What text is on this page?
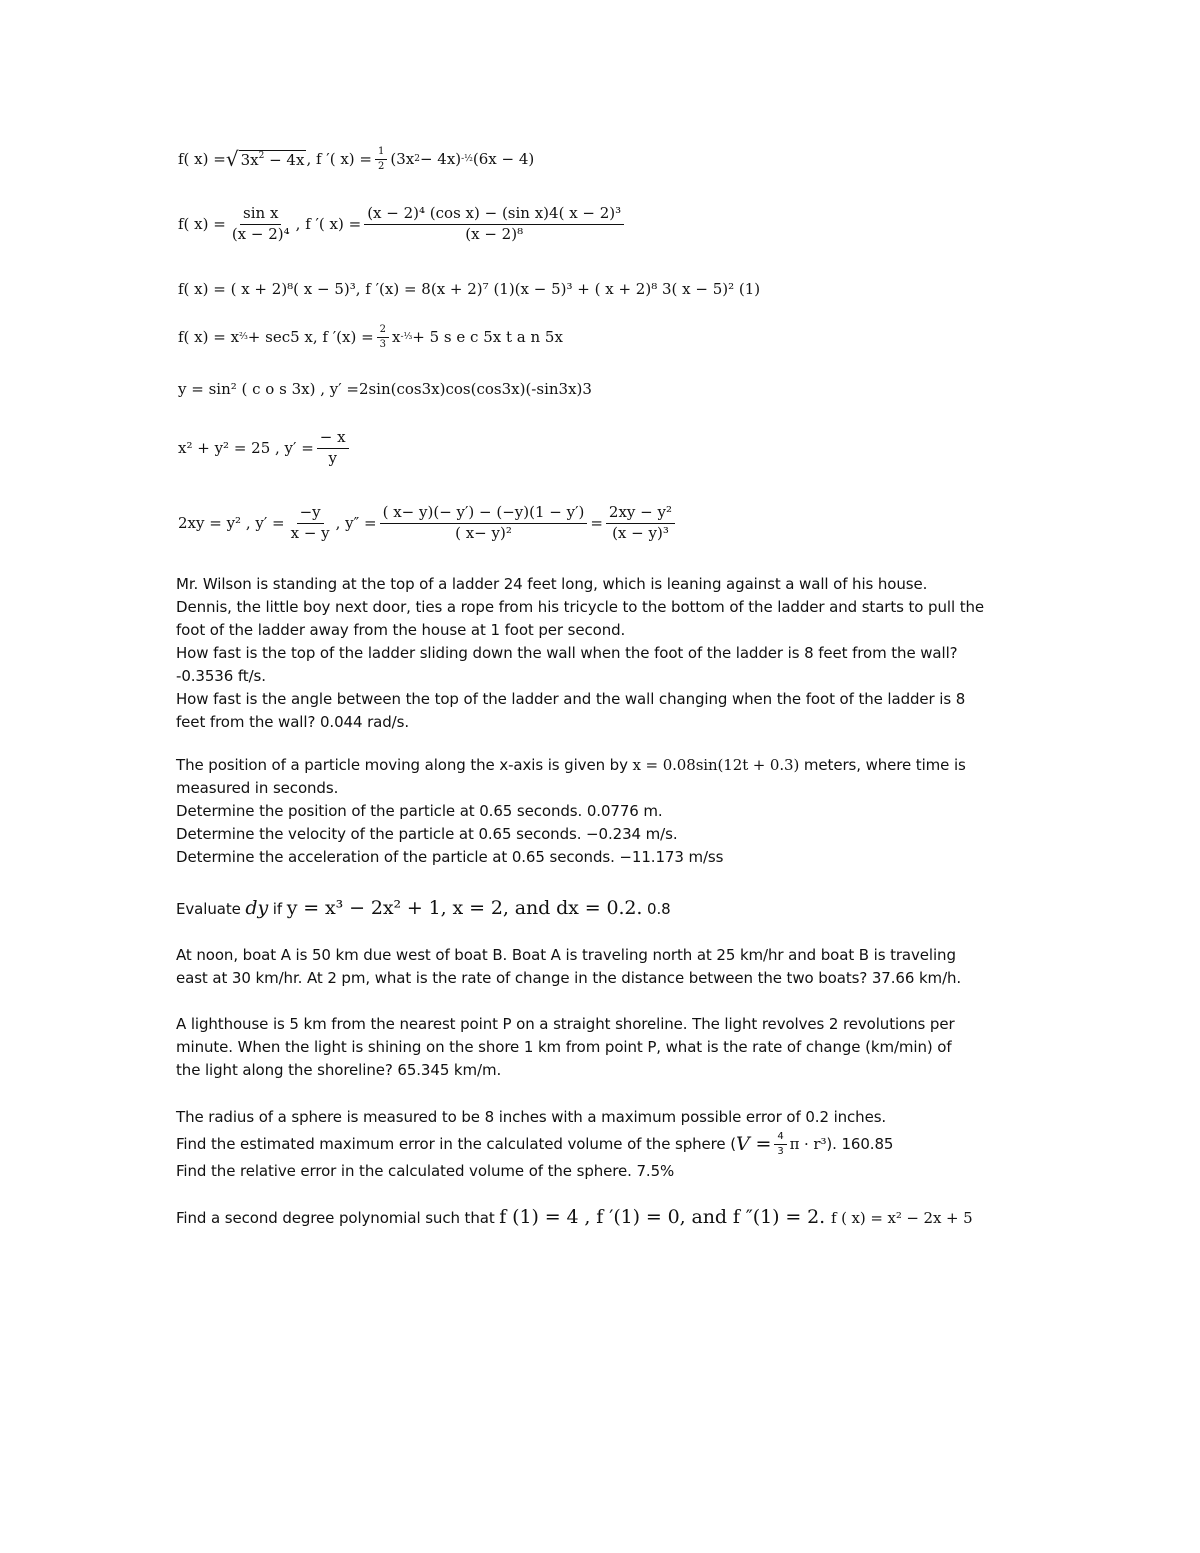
f( x) = √ $3x^2 - 4x$ , f ′( $x) = \frac{1}{2} (3x$ 2 − 4x) -½ (6x − 4)
f( $x) = \frac{\text{sin x}}{\text{(x − 2)⁴}}$ , f ′( $x) = \frac{\text{(x − 2)⁴ (cos x) − (sin x)4( x − 2)³}}{\text{(x − 2)⁸}}$
f( x) = ( x + 2)⁸( x − 5)³, f ′(x) = 8(x + 2)⁷ (1)(x − 5)³ + ( x + 2)⁸ 3( x − 5)² (1)
f( x) = x ⅔ + sec5 x, f $'(x) = \frac{2}{3}$ x -⅓ + 5 s e c 5x t a n 5x
y = sin² ( c o s 3x) , y′ =2sin(cos3x)cos(cos3x)(-sin3x)3
x² + y² = 25 , $y' = \frac{- x}{y}$
2xy = y² , $y' = \frac{-y}{x - y}$ , $y'' = \frac{( x- y)(- y') - (-y)(1 - y')}{\text{( x− y)²}} = \frac{\text{2xy − y²}}{\text{(x − y)³}}$
Mr. Wilson is standing at the top of a ladder 24 feet long, which is leaning against a wall of his house.
Dennis, the little boy next door, ties a rope from his tricycle to the bottom of the ladder and starts to pull the
foot of the ladder away from the house at 1 foot per second.
How fast is the top of the ladder sliding down the wall when the foot of the ladder is 8 feet from the wall?
-0.3536 ft/s.
How fast is the angle between the top of the ladder and the wall changing when the foot of the ladder is 8
feet from the wall? 0.044 rad/s.
The position of a particle moving along the x-axis is given by x = 0.08sin(12t + 0.3) meters, where time is
measured in seconds.
Determine the position of the particle at 0.65 seconds. 0.0776 m.
Determine the velocity of the particle at 0.65 seconds. −0.234 m/s.
Determine the acceleration of the particle at 0.65 seconds. −11.173 m/ss
Evaluate dy if y = x³ − 2x² + 1, x = 2, and dx = 0.2. 0.8
At noon, boat A is 50 km due west of boat B. Boat A is traveling north at 25 km/hr and boat B is traveling
east at 30 km/hr. At 2 pm, what is the rate of change in the distance between the two boats? 37.66 km/h.
A lighthouse is 5 km from the nearest point P on a straight shoreline. The light revolves 2 revolutions per
minute. When the light is shining on the shore 1 km from point P, what is the rate of change (km/min) of
the light along the shoreline? 65.345 km/m.
The radius of a sphere is measured to be 8 inches with a maximum possible error of 0.2 inches.
Find the estimated maximum error in the calculated volume of the sphere ( $V = \frac{4}{3}$ π · r³ ). 160.85
Find the relative error in the calculated volume of the sphere. 7.5%
Find a second degree polynomial such that f (1) = 4 , f ′(1) = 0, and f ″(1) = 2. f ( x) = x² − 2x + 5
